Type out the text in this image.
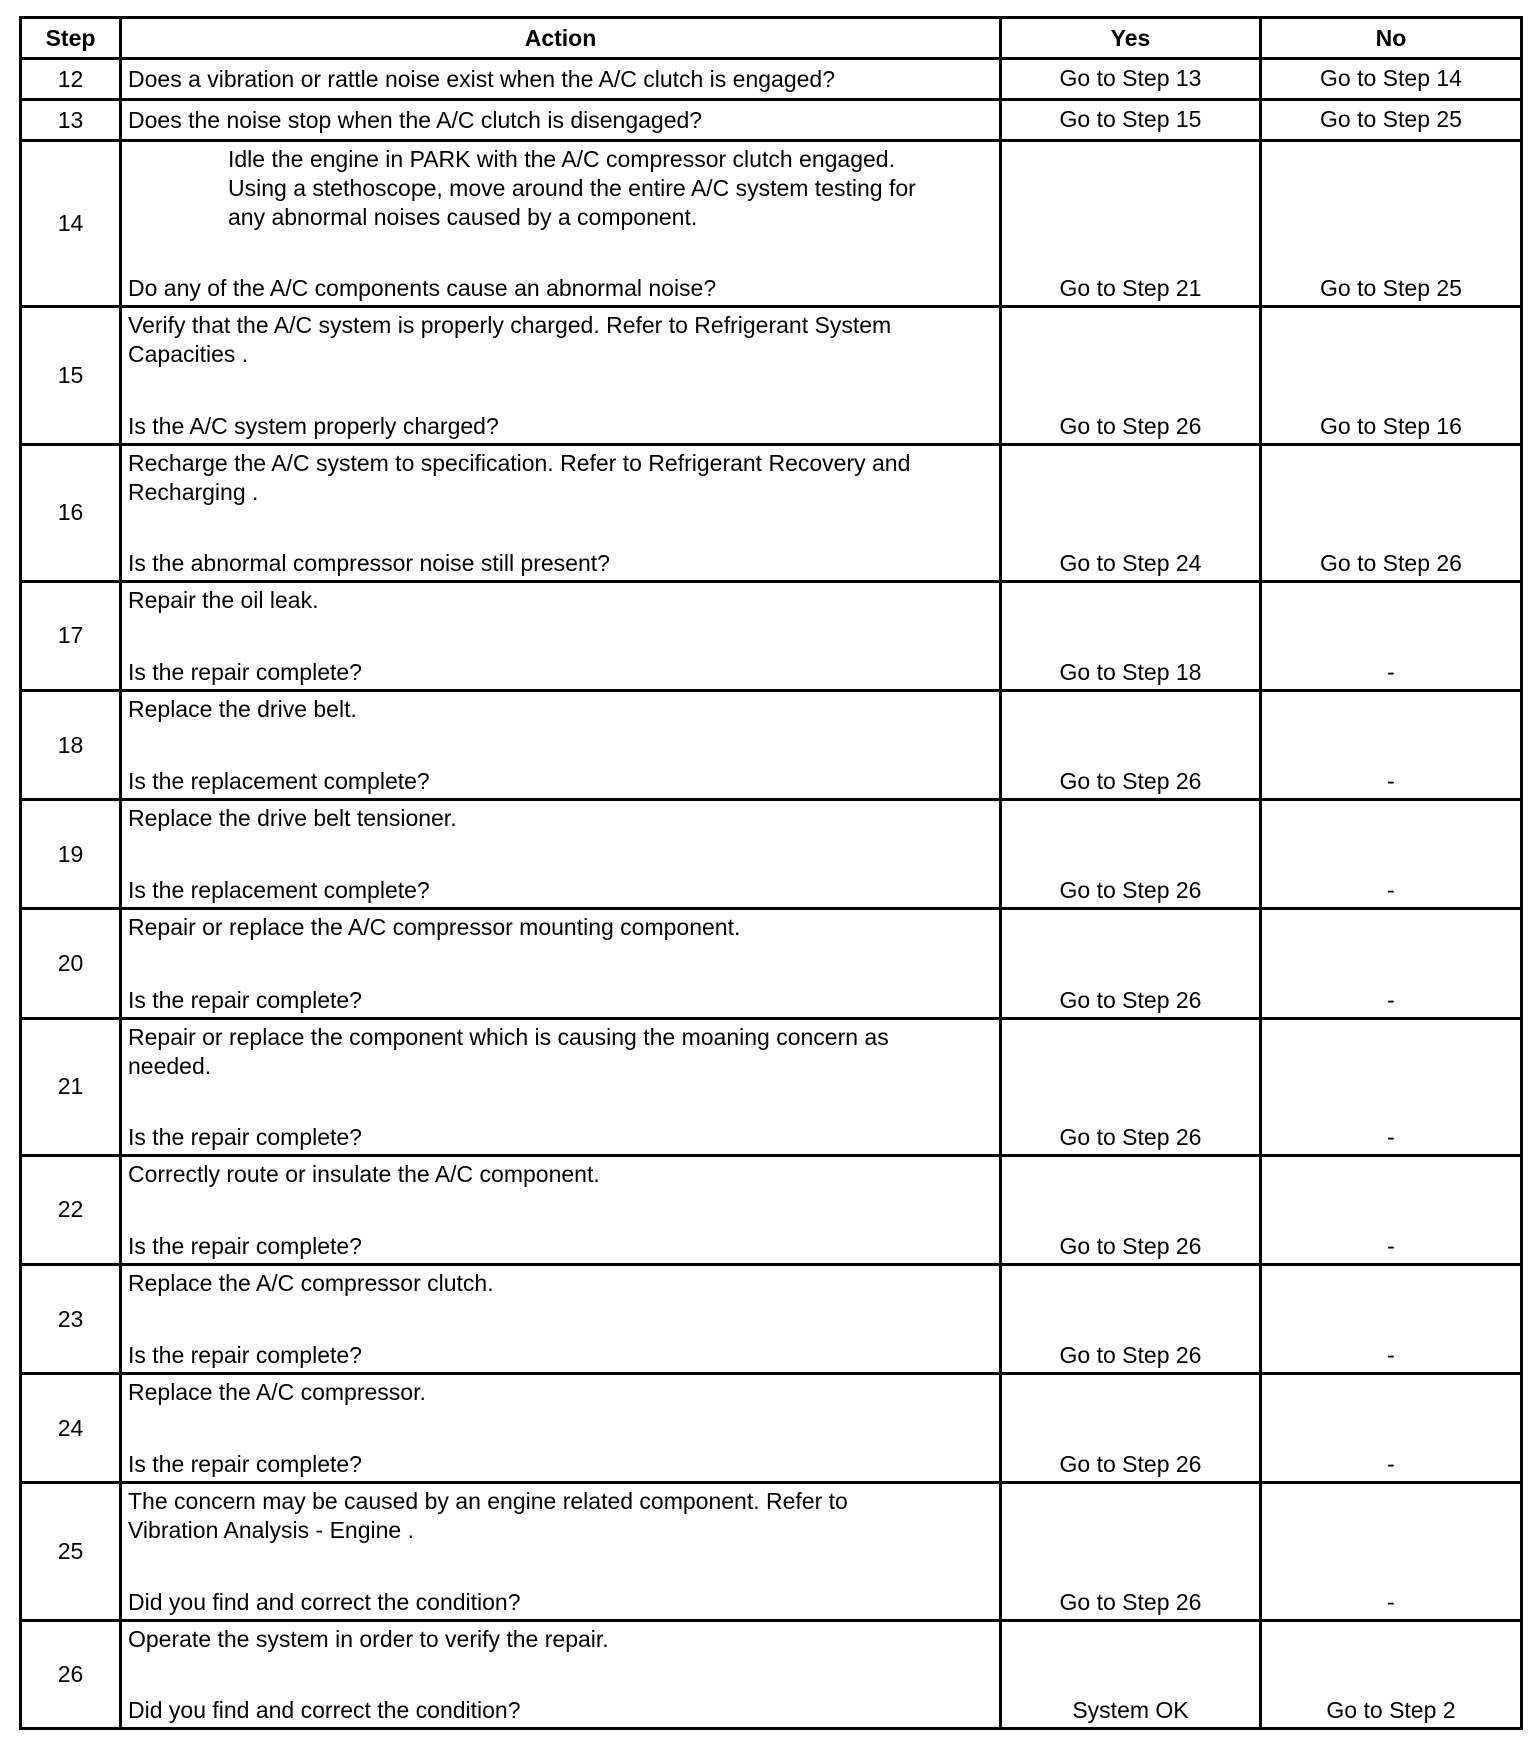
Step	Action	Yes	No
12	Does a vibration or rattle noise exist when the A/C clutch is engaged?	Go to Step 13	Go to Step 14
13	Does the noise stop when the A/C clutch is disengaged?	Go to Step 15	Go to Step 25
14	Idle the engine in PARK with the A/C compressor clutch engaged.
Using a stethoscope, move around the entire A/C system testing for
any abnormal noises caused by a component.
Do any of the A/C components cause an abnormal noise?	Go to Step 21	Go to Step 25
15	Verify that the A/C system is properly charged. Refer to Refrigerant System
Capacities .
Is the A/C system properly charged?	Go to Step 26	Go to Step 16
16	Recharge the A/C system to specification. Refer to Refrigerant Recovery and
Recharging .
Is the abnormal compressor noise still present?	Go to Step 24	Go to Step 26
17	Repair the oil leak.
Is the repair complete?	Go to Step 18	-
18	Replace the drive belt.
Is the replacement complete?	Go to Step 26	-
19	Replace the drive belt tensioner.
Is the replacement complete?	Go to Step 26	-
20	Repair or replace the A/C compressor mounting component.
Is the repair complete?	Go to Step 26	-
21	Repair or replace the component which is causing the moaning concern as
needed.
Is the repair complete?	Go to Step 26	-
22	Correctly route or insulate the A/C component.
Is the repair complete?	Go to Step 26	-
23	Replace the A/C compressor clutch.
Is the repair complete?	Go to Step 26	-
24	Replace the A/C compressor.
Is the repair complete?	Go to Step 26	-
25	The concern may be caused by an engine related component. Refer to
Vibration Analysis - Engine .
Did you find and correct the condition?	Go to Step 26	-
26	Operate the system in order to verify the repair.
Did you find and correct the condition?	System OK	Go to Step 2
